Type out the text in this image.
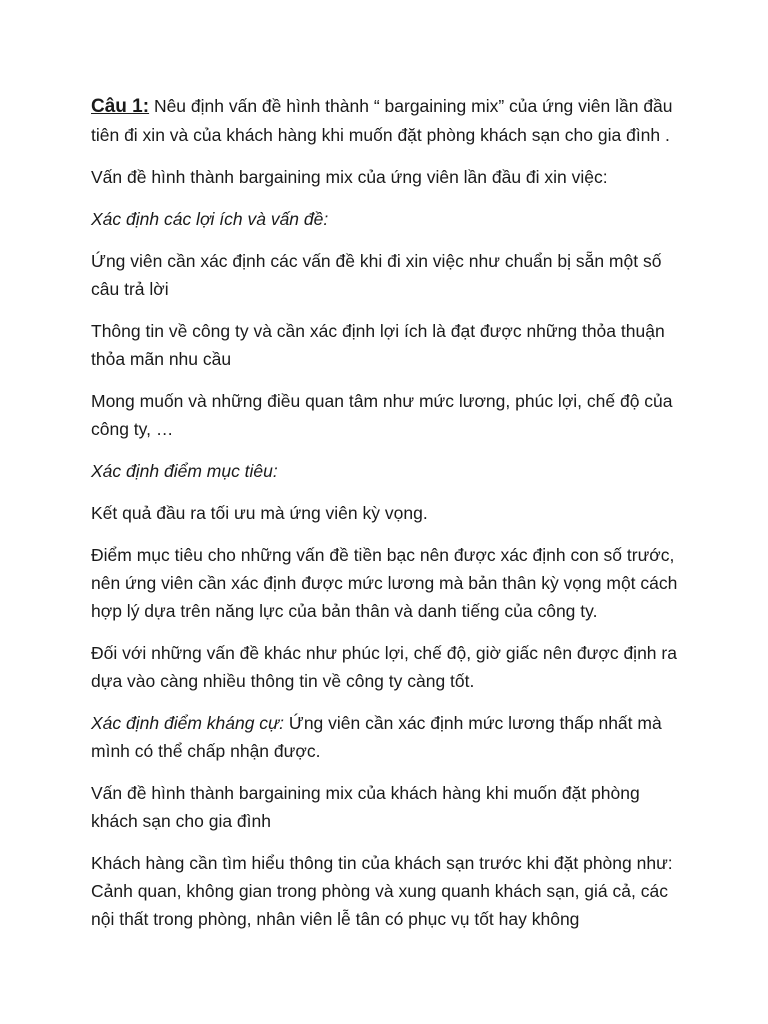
Câu 1: Nêu định vấn đề hình thành “ bargaining mix” của ứng viên lần đầu tiên đi xin và của khách hàng khi muốn đặt phòng khách sạn cho gia đình .

Vấn đề hình thành bargaining mix của ứng viên lần đầu đi xin việc:

Xác định các lợi ích và vấn đề:

Ứng viên cần xác định các vấn đề khi đi xin việc như chuẩn bị sẵn một số câu trả lời

Thông tin về công ty và cần xác định lợi ích là đạt được những thỏa thuận thỏa mãn nhu cầu

Mong muốn và những điều quan tâm như mức lương, phúc lợi, chế độ của công ty, …

Xác định điểm mục tiêu:

Kết quả đầu ra tối ưu mà ứng viên kỳ vọng.

Điểm mục tiêu cho những vấn đề tiền bạc nên được xác định con số trước, nên ứng viên cần xác định được mức lương mà bản thân kỳ vọng một cách hợp lý dựa trên năng lực của bản thân và danh tiếng của công ty.

Đối với những vấn đề khác như phúc lợi, chế độ, giờ giấc nên được định ra dựa vào càng nhiều thông tin về công ty càng tốt.

Xác định điểm kháng cự: Ứng viên cần xác định mức lương thấp nhất mà mình có thể chấp nhận được.

Vấn đề hình thành bargaining mix của khách hàng khi muốn đặt phòng khách sạn cho gia đình

Khách hàng cần tìm hiểu thông tin của khách sạn trước khi đặt phòng như: Cảnh quan, không gian trong phòng và xung quanh khách sạn, giá cả, các nội thất trong phòng, nhân viên lễ tân có phục vụ tốt hay không
